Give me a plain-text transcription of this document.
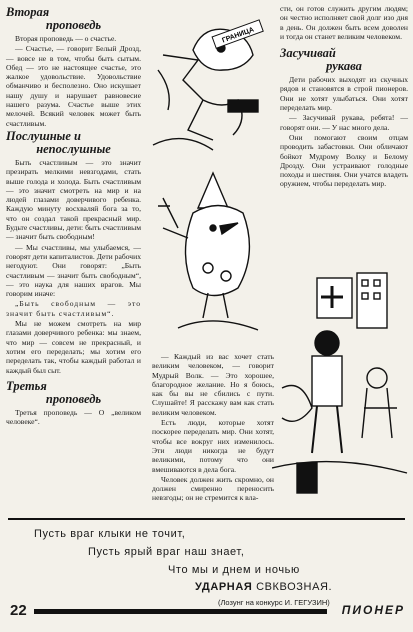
Вторая
проповедь

Вторая проповедь — о счастье.

— Счастье, — говорит Белый Дрозд, — вовсе не в том, чтобы быть сытым. Обед — это не настоящее счастье, это жалкое удовольствие. Удовольствие обманчиво и бесполезно. Оно искушает нашу душу и нарушает равновесие нашего разума. Счастье выше этих мелочей. Всякий человек может быть счастливым.

Послушные и
непослушные

Быть счастливым — это значит презирать мелкими невзгодами, стать выше голода и холода. Быть счастливым — это значит смотреть на мир и на людей глазами доверчивого ребенка. Каждую минуту восхваляй бога за то, что он создал такой прекрасный мир. Будьте счастливы, дети: быть счастливым — значит быть свободным!

— Мы счастливы, мы улыбаемся, — говорят дети капиталистов. Дети рабочих негодуют. Они говорят: „Быть счастливым — значит быть свободным“, — это наука для наших врагов. Мы говорим иначе:

„Быть свободным — это значит быть счастливым“.

Мы не можем смотреть на мир глазами доверчивого ребенка: мы знаем, что мир — совсем не прекрасный, и хотим его переделать; мы хотим его переделать так, чтобы каждый работал и каждый был сыт.

Третья
проповедь

Третья проповедь — О „великом человеке“.

ГРАНИЦА

— Каждый из вас хочет стать великим человеком, — говорит Мудрый Волк. — Это хорошее, благородное желание. Но я боюсь, как бы вы не сбились с пути. Слушайте! Я расскажу вам как стать великим человеком.

Есть люди, которые хотят поскорее переделать мир. Они хотят, чтобы все вокруг них изменилось. Эти люди никогда не будут великими, потому что они вмешиваются в дела бога.

Человек должен жить скромно, он должен смиренно переносить невзгоды; он не стремится к вла-

сти, он готов служить другим людям; он честно исполняет свой долг изо дня в день. Он должен быть всем доволен и тогда он станет великим человеком.

Засучивай
рукава

Дети рабочих выходят из скучных рядов и становятся в строй пионеров. Они не хотят улыбаться. Они хотят переделать мир.

— Засучивай рукава, ребята! — говорят они. — У нас много дела.

Они помогают своим отцам проводить забастовки. Они обличают бойкот Мудрому Волку и Белому Дрозду. Они устраивают голодные походы и шествия. Они учатся владеть оружием, чтобы переделать мир.

Пусть враг клыки не точит,
Пусть ярый враг наш знает,
Что мы и днем и ночью
УДАРНАЯ СВКВОЗНАЯ.
(Лозунг на конкурс И. ГЕГУЗИН)
22	ПИОНЕР
